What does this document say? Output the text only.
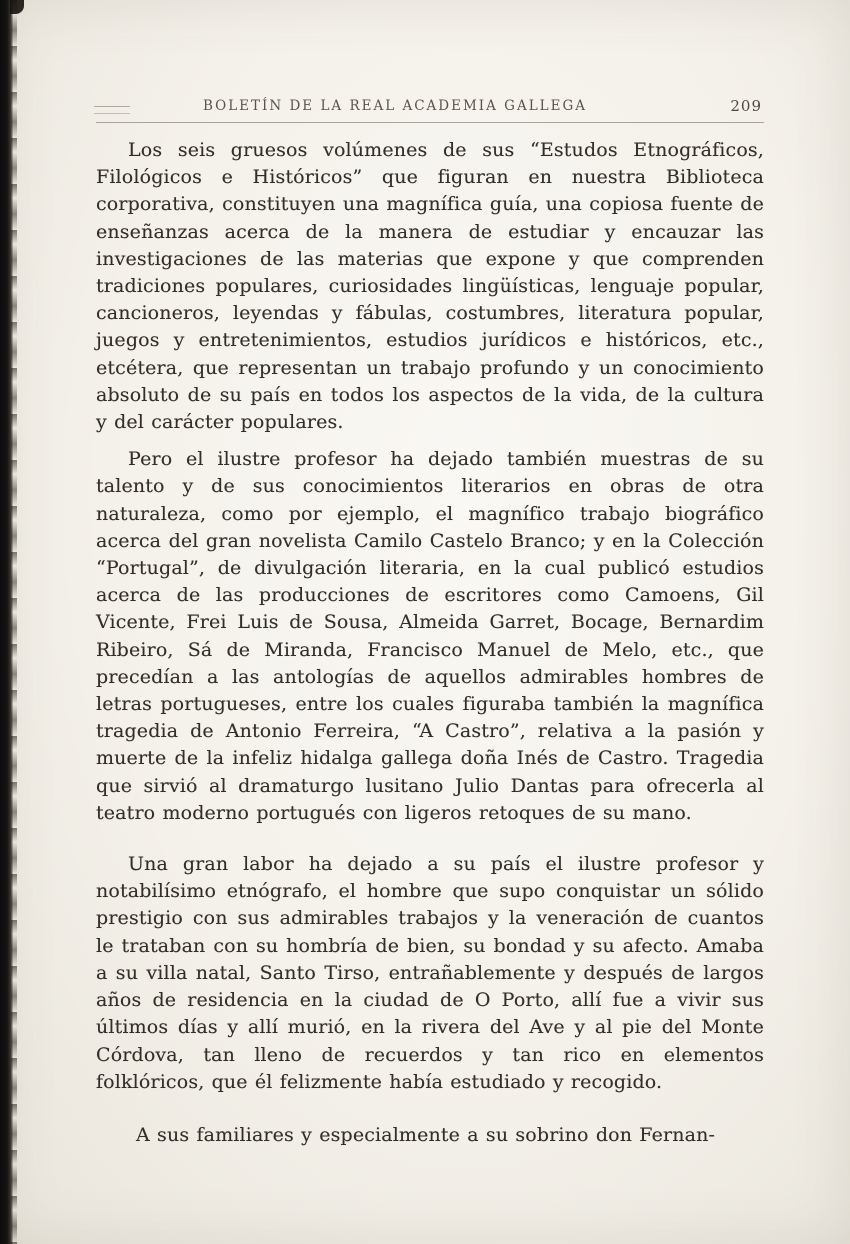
BOLETÍN DE LA REAL ACADEMIA GALLEGA	209

Los seis gruesos volúmenes de sus “Estudos Etnográficos, Filológicos e Históricos” que figuran en nuestra Biblioteca corporativa, constituyen una magnífica guía, una copiosa fuente de enseñanzas acerca de la manera de estudiar y encauzar las investigaciones de las materias que expone y que comprenden tradiciones populares, curiosidades lingüísticas, lenguaje popular, cancioneros, leyendas y fábulas, costumbres, literatura popular, juegos y entretenimientos, estudios jurídicos e históricos, etc., etcétera, que representan un trabajo profundo y un conocimiento absoluto de su país en todos los aspectos de la vida, de la cultura y del carácter populares.

Pero el ilustre profesor ha dejado también muestras de su talento y de sus conocimientos literarios en obras de otra naturaleza, como por ejemplo, el magnífico trabajo biográfico acerca del gran novelista Camilo Castelo Branco; y en la Colección “Portugal”, de divulgación literaria, en la cual publicó estudios acerca de las producciones de escritores como Camoens, Gil Vicente, Frei Luis de Sousa, Almeida Garret, Bocage, Bernardim Ribeiro, Sá de Miranda, Francisco Manuel de Melo, etc., que precedían a las antologías de aquellos admirables hombres de letras portugueses, entre los cuales figuraba también la magnífica tragedia de Antonio Ferreira, “A Castro”, relativa a la pasión y muerte de la infeliz hidalga gallega doña Inés de Castro. Tragedia que sirvió al dramaturgo lusitano Julio Dantas para ofrecerla al teatro moderno portugués con ligeros retoques de su mano.

Una gran labor ha dejado a su país el ilustre profesor y notabilísimo etnógrafo, el hombre que supo conquistar un sólido prestigio con sus admirables trabajos y la veneración de cuantos le trataban con su hombría de bien, su bondad y su afecto. Amaba a su villa natal, Santo Tirso, entrañablemente y después de largos años de residencia en la ciudad de O Porto, allí fue a vivir sus últimos días y allí murió, en la rivera del Ave y al pie del Monte Córdova, tan lleno de recuerdos y tan rico en elementos folklóricos, que él felizmente había estudiado y recogido.

A sus familiares y especialmente a su sobrino don Fernan-
